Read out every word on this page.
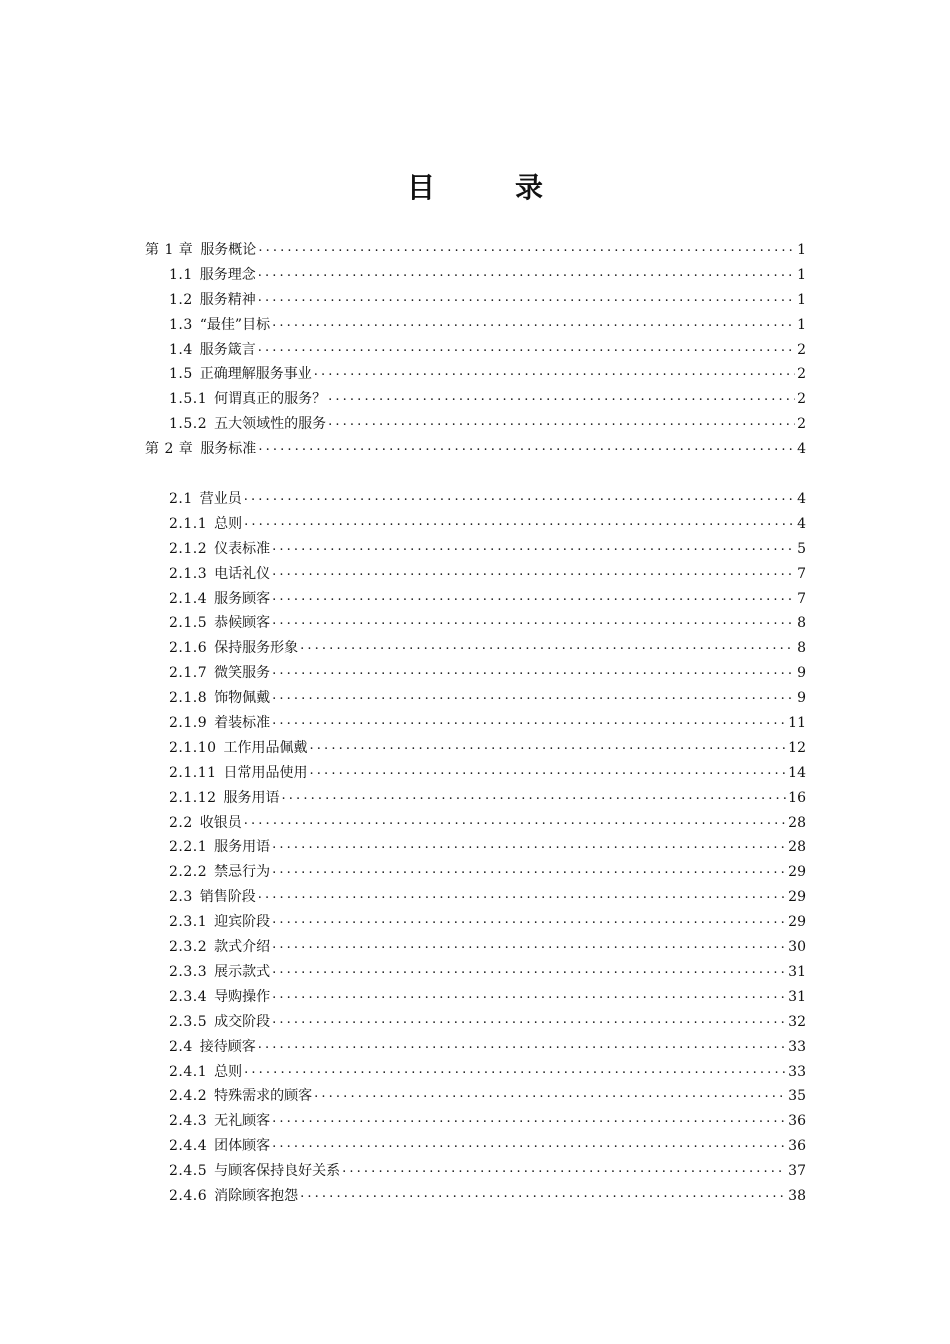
目　录
第 1 章 服务概论 . . .	1
1.1 服务理念 . . .	1
1.2 服务精神 . . .	1
1.3 “最佳”目标 . . .	1
1.4 服务箴言 . . .	2
1.5 正确理解服务事业 . . .	2
1.5.1 何谓真正的服务？ . . .	2
1.5.2 五大领域性的服务 . . .	2
第 2 章 服务标准 . . .	4
2.1 营业员 . . .	4
2.1.1 总则 . . .	4
2.1.2 仪表标准 . . .	5
2.1.3 电话礼仪 . . .	7
2.1.4 服务顾客 . . .	7
2.1.5 恭候顾客 . . .	8
2.1.6 保持服务形象 . . .	8
2.1.7 微笑服务 . . .	9
2.1.8 饰物佩戴 . . .	9
2.1.9 着装标准 . . .	11
2.1.10 工作用品佩戴 . . .	12
2.1.11 日常用品使用 . . .	14
2.1.12 服务用语 . . .	16
2.2 收银员 . . .	28
2.2.1 服务用语 . . .	28
2.2.2 禁忌行为 . . .	29
2.3 销售阶段 . . .	29
2.3.1 迎宾阶段 . . .	29
2.3.2 款式介绍 . . .	30
2.3.3 展示款式 . . .	31
2.3.4 导购操作 . . .	31
2.3.5 成交阶段 . . .	32
2.4 接待顾客 . . .	33
2.4.1 总则 . . .	33
2.4.2 特殊需求的顾客 . . .	35
2.4.3 无礼顾客 . . .	36
2.4.4 团体顾客 . . .	36
2.4.5 与顾客保持良好关系 . . .	37
2.4.6 消除顾客抱怨 . . .	38
